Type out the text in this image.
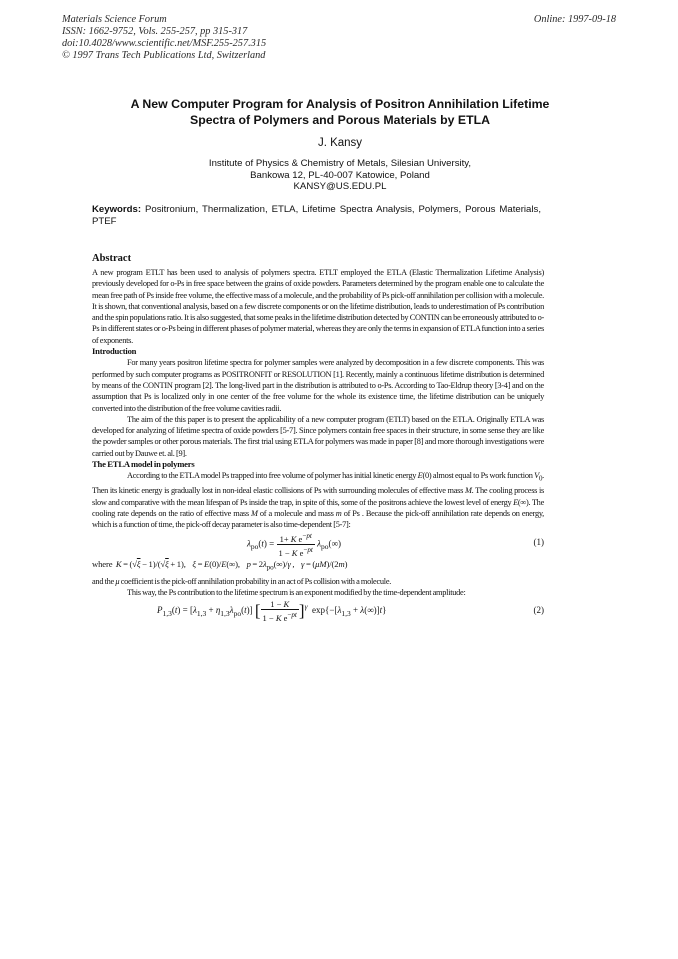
Materials Science Forum
ISSN: 1662-9752, Vols. 255-257, pp 315-317
doi:10.4028/www.scientific.net/MSF.255-257.315
© 1997 Trans Tech Publications Ltd, Switzerland
Online: 1997-09-18
A New Computer Program for Analysis of Positron Annihilation Lifetime
Spectra of Polymers and Porous Materials by ETLA
J. Kansy
Institute of Physics & Chemistry of Metals, Silesian University,
Bankowa 12, PL-40-007 Katowice, Poland
KANSY@US.EDU.PL
Keywords: Positronium, Thermalization, ETLA, Lifetime Spectra Analysis, Polymers, Porous Materials, PTEF
Abstract

A new program ETLT has been used to analysis of polymers spectra. ETLT employed the ETLA (Elastic Thermalization Lifetime Analysis) previously developed for o-Ps in free space between the grains of oxide powders. Parameters determined by the program enable one to calculate the mean free path of Ps inside free volume, the effective mass of a molecule, and the probability of Ps pick-off annihilation per collision with a molecule. It is shown, that conventional analysis, based on a few discrete components or on the lifetime distribution, leads to underestimation of Ps contribution and the spin populations ratio. It is also suggested, that some peaks in the lifetime distribution detected by CONTIN can be erroneously attributed to o-Ps in different states or o-Ps being in different phases of polymer material, whereas they are only the terms in expansion of ETLA function into a series of exponents.

Introduction

For many years positron lifetime spectra for polymer samples were analyzed by decomposition in a few discrete components. This was performed by such computer programs as POSITRONFIT or RESOLUTION [1]. Recently, mainly a continuous lifetime distribution is determined by means of the CONTIN program [2]. The long-lived part in the distribution is attributed to o-Ps. According to Tao-Eldrup theory [3-4] and on the assumption that Ps is localized only in one center of the free volume for the whole its existence time, the lifetime distribution can be uniquely converted into the distribution of the free volume cavities radii.

The aim of the this paper is to present the applicability of a new computer program (ETLT) based on the ETLA. Originally ETLA was developed for analyzing of lifetime spectra of oxide powders [5-7]. Since polymers contain free spaces in their structure, in some sense they are like the powder samples or other porous materials. The first trial using ETLA for polymers was made in paper [8] and more thorough investigations were carried out by Dauwe et. al. [9].

The ETLA model in polymers

According to the ETLA model Ps trapped into free volume of polymer has initial kinetic energy E(0) almost equal to Ps work function $V_0$. Then its kinetic energy is gradually lost in non-ideal elastic collisions of Ps with surrounding molecules of effective mass M. The cooling process is slow and comparative with the mean lifespan of Ps inside the trap, in spite of this, some of the positrons achieve the lowest level of energy E(∞). The cooling rate depends on the ratio of effective mass M of a molecule and mass m of Ps . Because the pick-off annihilation rate depends on energy, which is a function of time, the pick-off decay parameter is also time-dependent [5-7]:

$\lambda_{po}(t) = \frac{1+ K e^{-pt}}{1 - K e^{-pt}} \lambda_{po}(\infty)$	(1)
where K = (√ξ − 1)/(√ξ + 1),    ξ = E(0)/E(∞),    $p = 2\lambda_{po}(\infty)/\gamma$ ,    γ = (μM)/(2m)

and the μ coefficient is the pick-off annihilation probability in an act of Ps collision with a molecule.

This way, the Ps contribution to the lifetime spectrum is an exponent modified by the time-dependent amplitude:

$P_{1,3}(t) = [\lambda_{1,3} + \eta_{1,3}\lambda_{po}(t)]$ [ $\frac{1 - K}{1 - K e^{-pt}} ]^\gamma$  $\exp\{-[\lambda_{1,3} + \lambda(\infty)]t\}$	(2)
